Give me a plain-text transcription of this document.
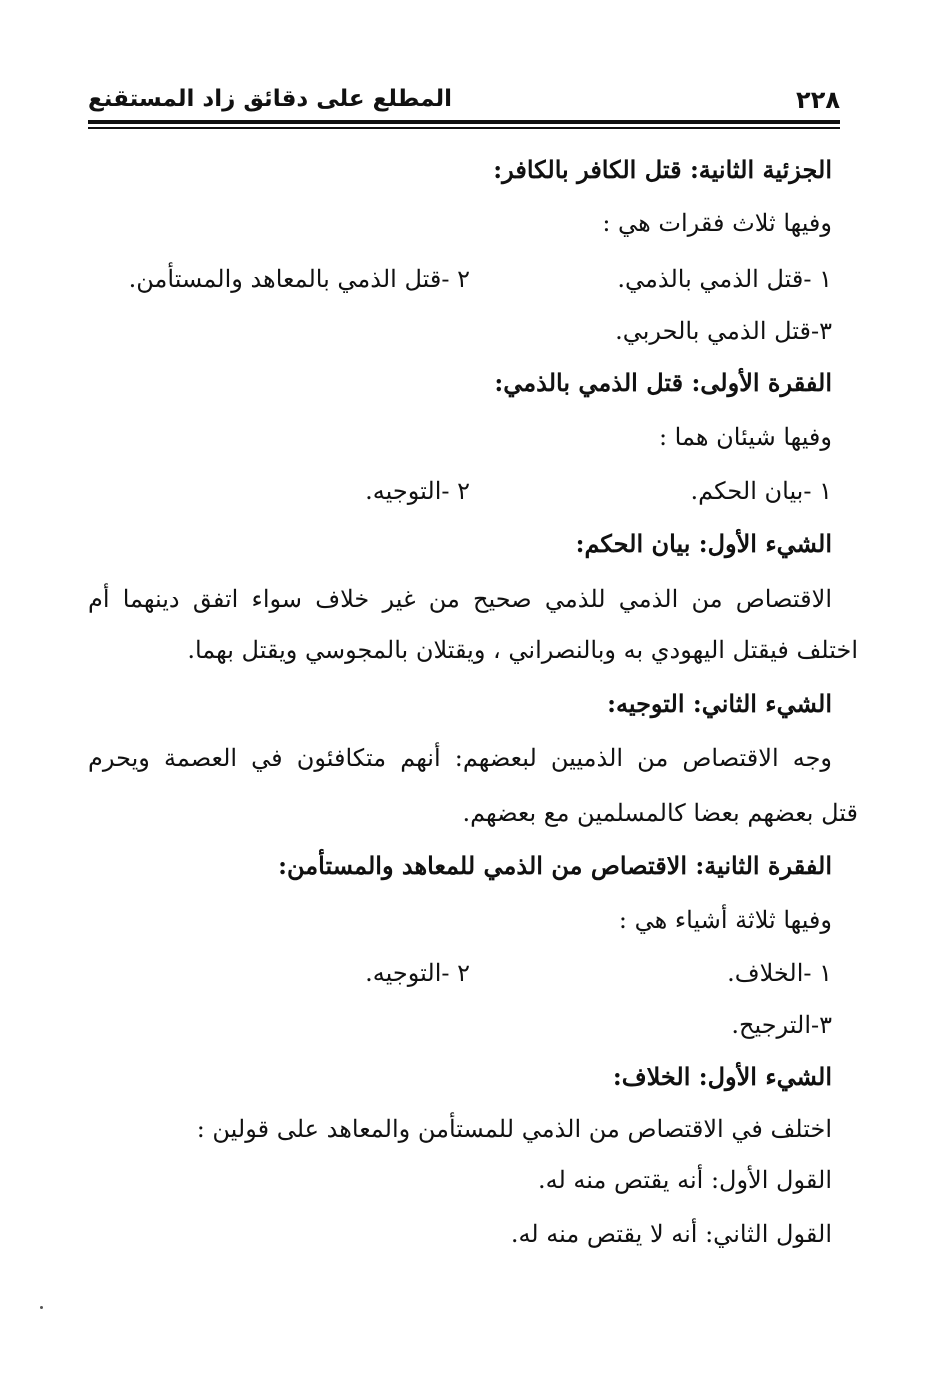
٢٢٨
المطلع على دقائق زاد المستقنع
الجزئية الثانية: قتل الكافر بالكافر:
وفيها ثلاث فقرات هي :
١ -قتل الذمي بالذمي.
٢ -قتل الذمي بالمعاهد والمستأمن.
٣-قتل الذمي بالحربي.
الفقرة الأولى: قتل الذمي بالذمي:
وفيها شيئان هما :
١ -بيان الحكم.
٢ -التوجيه.
الشيء الأول: بيان الحكم:
الاقتصاص من الذمي للذمي صحيح من غير خلاف سواء اتفق دينهما أم
اختلف فيقتل اليهودي به وبالنصراني ، ويقتلان بالمجوسي ويقتل بهما.
الشيء الثاني: التوجيه:
وجه الاقتصاص من الذميين لبعضهم: أنهم متكافئون في العصمة ويحرم
قتل بعضهم بعضا كالمسلمين مع بعضهم.
الفقرة الثانية: الاقتصاص من الذمي للمعاهد والمستأمن:
وفيها ثلاثة أشياء هي :
١ -الخلاف.
٢ -التوجيه.
٣-الترجيح.
الشيء الأول: الخلاف:
اختلف في الاقتصاص من الذمي للمستأمن والمعاهد على قولين :
القول الأول: أنه يقتص منه له.
القول الثاني: أنه لا يقتص منه له.
